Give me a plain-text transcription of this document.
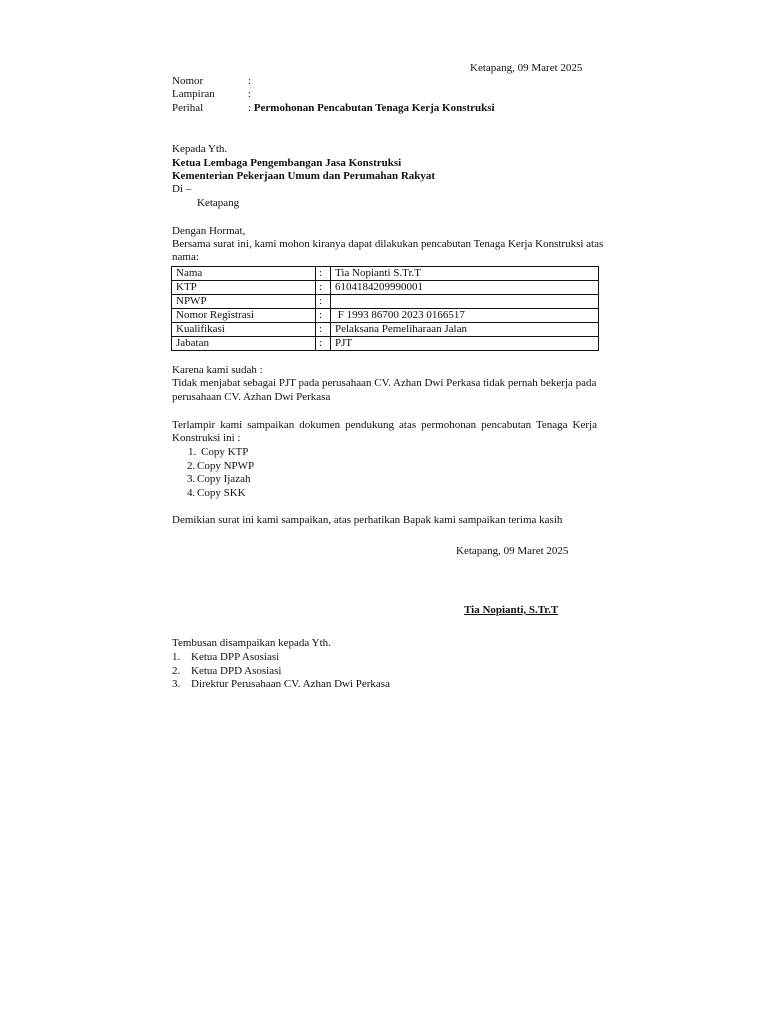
Ketapang, 09 Maret 2025
Nomor	:
Lampiran	:
Perihal	: Permohonan Pencabutan Tenaga Kerja Konstruksi
Kepada Yth.
Ketua Lembaga Pengembangan Jasa Konstruksi
Kementerian Pekerjaan Umum dan Perumahan Rakyat
Di –
Ketapang
Dengan Hormat,
Bersama surat ini, kami mohon kiranya dapat dilakukan pencabutan Tenaga Kerja Konstruksi atas
nama:
Nama	:	Tia Nopianti S.Tr.T
KTP	:	6104184209990001
NPWP	:	
Nomor Registrasi	:	F 1993 86700 2023 0166517
Kualifikasi	:	Pelaksana Pemeliharaan Jalan
Jabatan	:	PJT
Karena kami sudah :
Tidak menjabat sebagai PJT pada perusahaan CV. Azhan Dwi Perkasa tidak pernah bekerja pada
perusahaan CV. Azhan Dwi Perkasa
Terlampir kami sampaikan dokumen pendukung atas permohonan pencabutan Tenaga Kerja
Konstruksi ini :
1. Copy KTP
2. Copy NPWP
3. Copy Ijazah
4. Copy SKK
Demikian surat ini kami sampaikan, atas perhatikan Bapak kami sampaikan terima kasih
Ketapang, 09 Maret 2025
Tia Nopianti, S.Tr.T
Tembusan disampaikan kepada Yth.
1. Ketua DPP Asosiasi
2. Ketua DPD Asosiasi
3. Direktur Perusahaan CV. Azhan Dwi Perkasa
